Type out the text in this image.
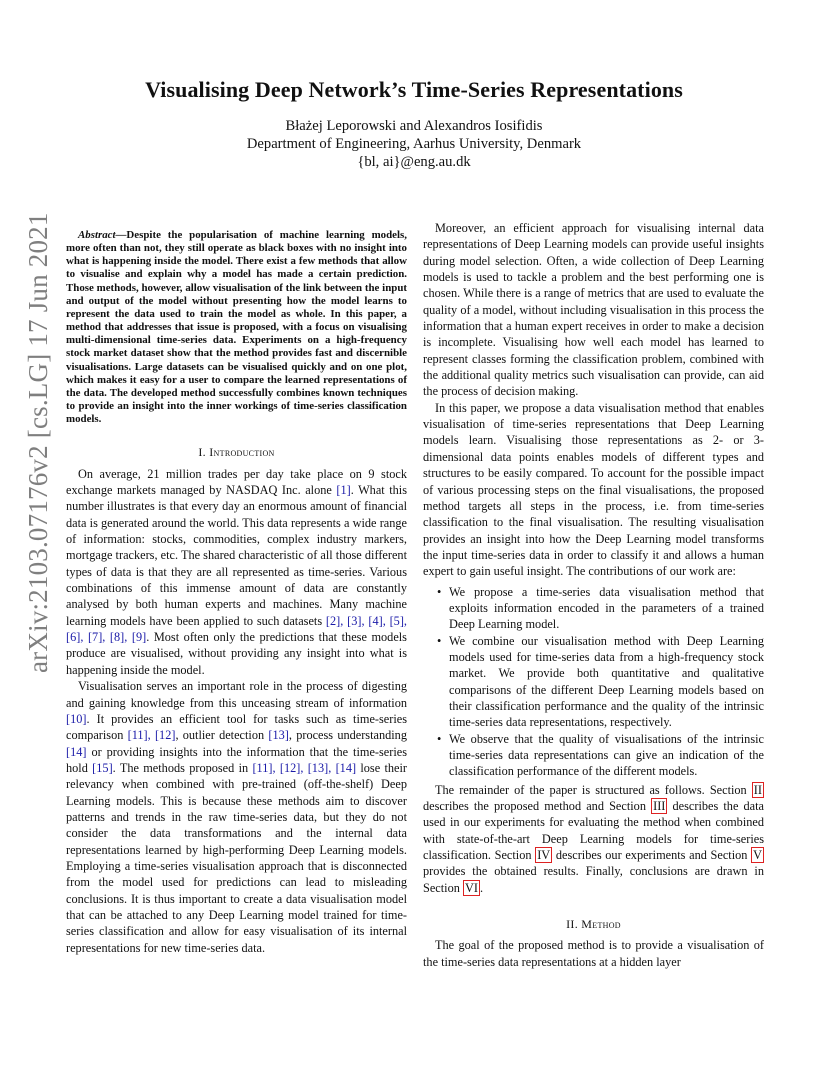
Visualising Deep Network’s Time-Series Representations
Błażej Leporowski and Alexandros Iosifidis
Department of Engineering, Aarhus University, Denmark
{bl, ai}@eng.au.dk
arXiv:2103.07176v2 [cs.LG] 17 Jun 2021	Abstract—Despite the popularisation of machine learning models, more often than not, they still operate as black boxes with no insight into what is happening inside the model. There exist a few methods that allow to visualise and explain why a model has made a certain prediction. Those methods, however, allow visualisation of the link between the input and output of the model without presenting how the model learns to represent the data used to train the model as whole. In this paper, a method that addresses that issue is proposed, with a focus on visualising multi-dimensional time-series data. Experiments on a high-frequency stock market dataset show that the method provides fast and discernible visualisations. Large datasets can be visualised quickly and on one plot, which makes it easy for a user to compare the learned representations of the data. The developed method successfully combines known techniques to provide an insight into the inner workings of time-series classification models.

I. Introduction

On average, 21 million trades per day take place on 9 stock exchange markets managed by NASDAQ Inc. alone [1]. What this number illustrates is that every day an enormous amount of financial data is generated around the world. This data represents a wide range of information: stocks, commodities, complex industry markers, mortgage trackers, etc. The shared characteristic of all those different types of data is that they are all represented as time-series. Various combinations of this immense amount of data are constantly analysed by both human experts and machines. Many machine learning models have been applied to such datasets [2], [3], [4], [5], [6], [7], [8], [9]. Most often only the predictions that these models produce are visualised, without providing any insight into what is happening inside the model.

Visualisation serves an important role in the process of digesting and gaining knowledge from this unceasing stream of information [10]. It provides an efficient tool for tasks such as time-series comparison [11], [12], outlier detection [13], process understanding [14] or providing insights into the information that the time-series hold [15]. The methods proposed in [11], [12], [13], [14] lose their relevancy when combined with pre-trained (off-the-shelf) Deep Learning models. This is because these methods aim to discover patterns and trends in the raw time-series data, but they do not consider the data transformations and the internal data representations learned by high-performing Deep Learning models. Employing a time-series visualisation approach that is disconnected from the model used for predictions can lead to misleading conclusions. It is thus important to create a data visualisation model that can be attached to any Deep Learning model trained for time-series classification and allow for easy visualisation of its internal representations for new time-series data.

Moreover, an efficient approach for visualising internal data representations of Deep Learning models can provide useful insights during model selection. Often, a wide collection of Deep Learning models is used to tackle a problem and the best performing one is chosen. While there is a range of metrics that are used to evaluate the quality of a model, without including visualisation in this process the information that a human expert receives in order to make a decision is incomplete. Visualising how well each model has learned to represent classes forming the classification problem, combined with the additional quality metrics such visualisation can provide, can aid the process of decision making.

In this paper, we propose a data visualisation method that enables visualisation of time-series representations that Deep Learning models learn. Visualising those representations as 2- or 3-dimensional data points enables models of different types and structures to be easily compared. To account for the possible impact of various processing steps on the final visualisations, the proposed method targets all steps in the process, i.e. from time-series classification to the final visualisation. The resulting visualisation provides an insight into how the Deep Learning model transforms the input time-series data in order to classify it and allows a human expert to gain useful insight. The contributions of our work are:

• We propose a time-series data visualisation method that exploits information encoded in the parameters of a trained Deep Learning model.
• We combine our visualisation method with Deep Learning models used for time-series data from a high-frequency stock market. We provide both quantitative and qualitative comparisons of the different Deep Learning models based on their classification performance and the quality of the intrinsic time-series data representations, respectively.
• We observe that the quality of visualisations of the intrinsic time-series data representations can give an indication of the classification performance of the different models.

The remainder of the paper is structured as follows. Section II describes the proposed method and Section III describes the data used in our experiments for evaluating the method when combined with state-of-the-art Deep Learning models for time-series classification. Section IV describes our experiments and Section V provides the obtained results. Finally, conclusions are drawn in Section VI .

II. Method

The goal of the proposed method is to provide a visualisation of the time-series data representations at a hidden layer
